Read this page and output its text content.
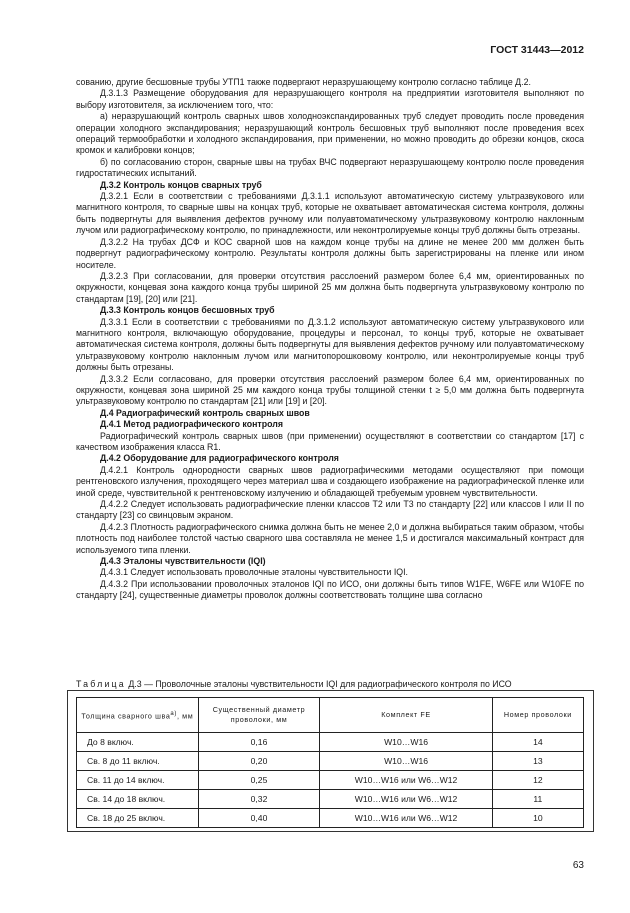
ГОСТ 31443—2012

сованию, другие бесшовные трубы УТП1 также подвергают неразрушающему контролю согласно таблице Д.2.

Д.3.1.3 Размещение оборудования для неразрушающего контроля на предприятии изготовителя выполняют по выбору изготовителя, за исключением того, что:

а) неразрушающий контроль сварных швов холодноэкспандированных труб следует проводить после проведения операции холодного экспандирования; неразрушающий контроль бесшовных труб выполняют после проведения всех операций термообработки и холодного экспандирования, при применении, но можно проводить до обрезки концов, скоса кромок и калибровки концов;

б) по согласованию сторон, сварные швы на трубах ВЧС подвергают неразрушающему контролю после проведения гидростатических испытаний.

Д.3.2 Контроль концов сварных труб

Д.3.2.1 Если в соответствии с требованиями Д.3.1.1 используют автоматическую систему ультразвукового или магнитного контроля, то сварные швы на концах труб, которые не охватывает автоматическая система контроля, должны быть подвергнуты для выявления дефектов ручному или полуавтоматическому ультразвуковому контролю наклонным лучом или радиографическому контролю, по принадлежности, или неконтролируемые концы труб должны быть отрезаны.

Д.3.2.2 На трубах ДСФ и КОС сварной шов на каждом конце трубы на длине не менее 200 мм должен быть подвергнут радиографическому контролю. Результаты контроля должны быть зарегистрированы на пленке или ином носителе.

Д.3.2.3 При согласовании, для проверки отсутствия расслоений размером более 6,4 мм, ориентированных по окружности, концевая зона каждого конца трубы шириной 25 мм должна быть подвергнута ультразвуковому контролю по стандартам [19], [20] или [21].

Д.3.3 Контроль концов бесшовных труб

Д.3.3.1 Если в соответствии с требованиями по Д.3.1.2 используют автоматическую систему ультразвукового или магнитного контроля, включающую оборудование, процедуры и персонал, то концы труб, которые не охватывает автоматическая система контроля, должны быть подвергнуты для выявления дефектов ручному или полуавтоматическому ультразвуковому контролю наклонным лучом или магнитопорошковому контролю, или неконтролируемые концы труб должны быть отрезаны.

Д.3.3.2 Если согласовано, для проверки отсутствия расслоений размером более 6,4 мм, ориентированных по окружности, концевая зона шириной 25 мм каждого конца трубы толщиной стенки t ≥ 5,0 мм должна быть подвергнута ультразвуковому контролю по стандартам [21] или [19] и [20].

Д.4 Радиографический контроль сварных швов

Д.4.1 Метод радиографического контроля

Радиографический контроль сварных швов (при применении) осуществляют в соответствии со стандартом [17] с качеством изображения класса R1.

Д.4.2 Оборудование для радиографического контроля

Д.4.2.1 Контроль однородности сварных швов радиографическими методами осуществляют при помощи рентгеновского излучения, проходящего через материал шва и создающего изображение на радиографической пленке или иной среде, чувствительной к рентгеновскому излучению и обладающей требуемым уровнем чувствительности.

Д.4.2.2 Следует использовать радиографические пленки классов Т2 или Т3 по стандарту [22] или классов I или II по стандарту [23] со свинцовым экраном.

Д.4.2.3 Плотность радиографического снимка должна быть не менее 2,0 и должна выбираться таким образом, чтобы плотность под наиболее толстой частью сварного шва составляла не менее 1,5 и достигался максимальный контраст для используемого типа пленки.

Д.4.3 Эталоны чувствительности (IQI)

Д.4.3.1 Следует использовать проволочные эталоны чувствительности IQI.

Д.4.3.2 При использовании проволочных эталонов IQI по ИСО, они должны быть типов W1FE, W6FE или W10FE по стандарту [24], существенные диаметры проволок должны соответствовать толщине шва согласно

Таблица Д.3 — Проволочные эталоны чувствительности IQI для радиографического контроля по ИСО
Толщина сварного шва$^{а)}$, мм	Существенный диаметр проволоки, мм	Комплект FE	Номер проволоки
До 8 включ.	0,16	W10…W16	14
Св. 8 до 11 включ.	0,20	W10…W16	13
Св. 11 до 14 включ.	0,25	W10…W16 или W6…W12	12
Св. 14 до 18 включ.	0,32	W10…W16 или W6…W12	11
Св. 18 до 25 включ.	0,40	W10…W16 или W6…W12	10
63
